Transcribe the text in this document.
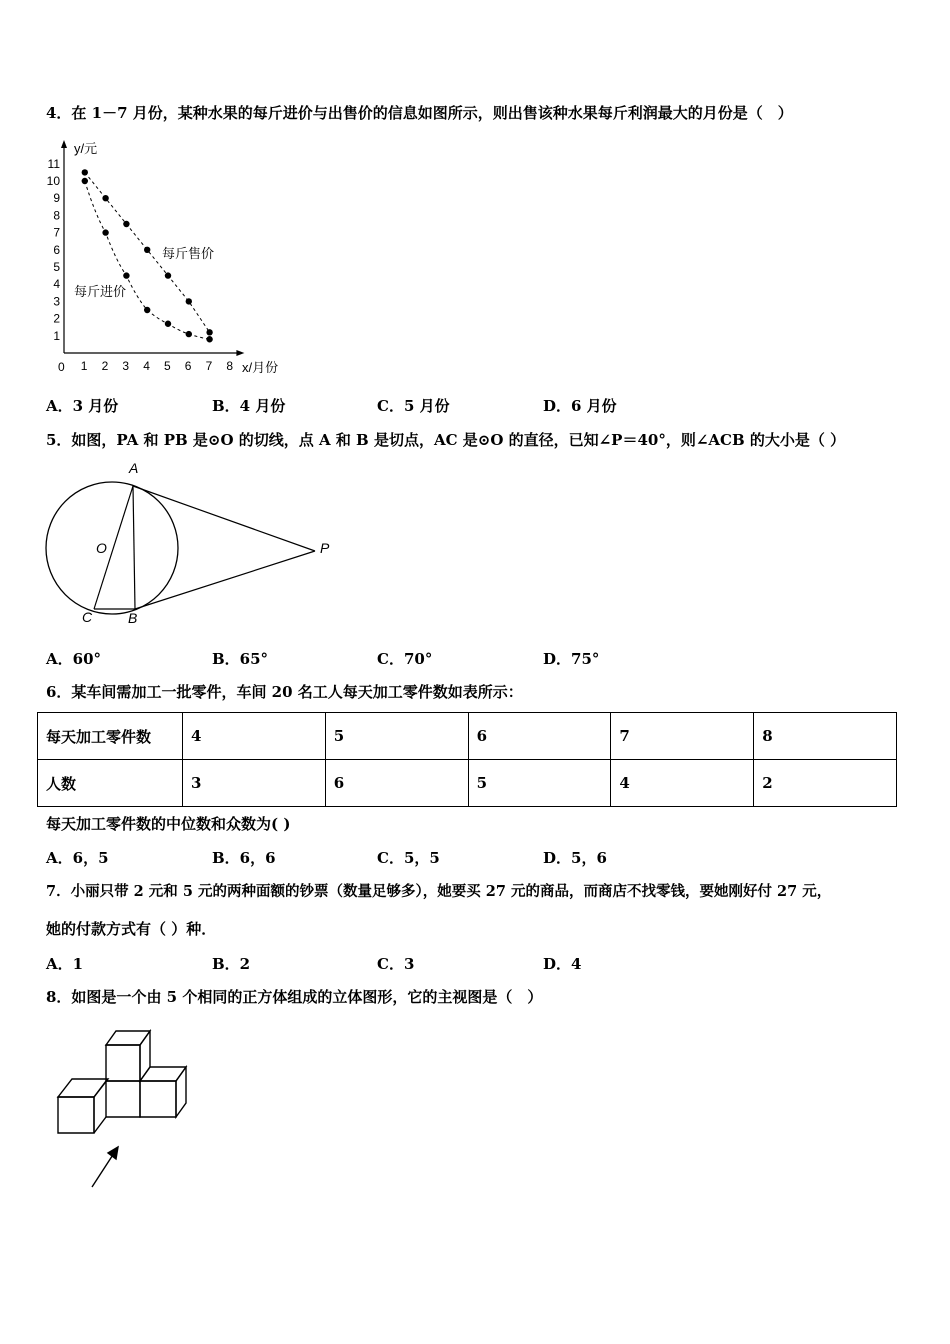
4．在 1－7 月份，某种水果的每斤进价与出售价的信息如图所示，则出售该种水果每斤利润最大的月份是（　）
1 2 3 4 5 6 7 8
1
2
3
4
5
6
7
8
9
10
11
y/元
x/月份
0
每斤售价
每斤进价
A．3 月份	B．4 月份	C．5 月份	D．6 月份
5．如图，PA 和 PB 是⊙O 的切线，点 A 和 B 是切点，AC 是⊙O 的直径，已知∠P＝40°，则∠ACB 的大小是（ ）
A
O	P
C	B
A．60°	B．65°	C．70°	D．75°
6．某车间需加工一批零件，车间 20 名工人每天加工零件数如表所示：
每天加工零件数	4	5	6	7	8
人数	3	6	5	4	2
每天加工零件数的中位数和众数为( )
A．6，5	B．6，6	C．5，5	D．5，6
7．小丽只带 2 元和 5 元的两种面额的钞票（数量足够多），她要买 27 元的商品，而商店不找零钱，要她刚好付 27 元，
她的付款方式有（ ）种．
A．1	B．2	C．3	D．4
8．如图是一个由 5 个相同的正方体组成的立体图形，它的主视图是（　）
